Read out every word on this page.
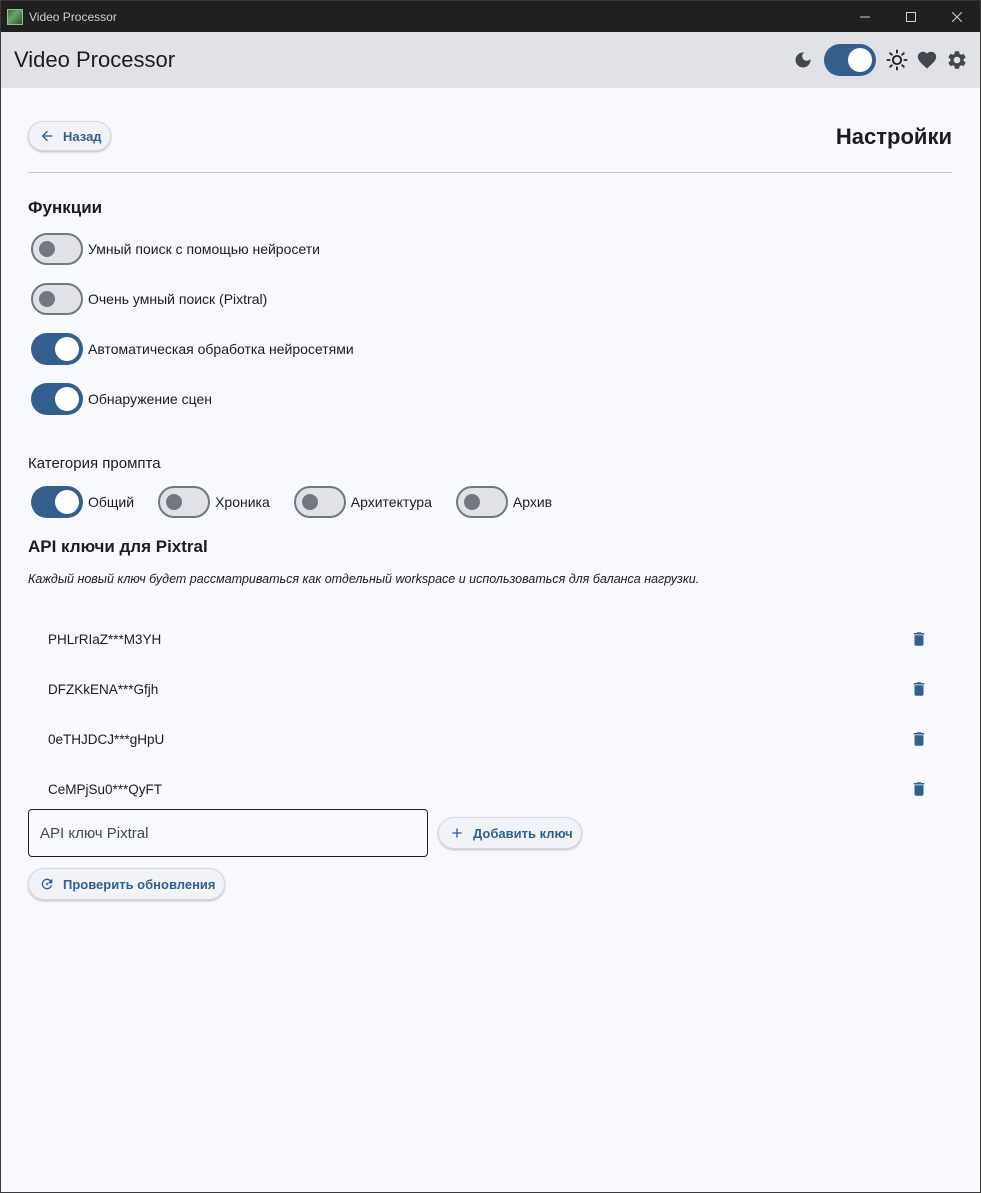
Video Processor
Video Processor
Назад	Настройки
Функции
Умный поиск с помощью нейросети
Очень умный поиск (Pixtral)
Автоматическая обработка нейросетями
Обнаружение сцен
Категория промпта
Общий	Хроника	Архитектура	Архив
API ключи для Pixtral
Каждый новый ключ будет рассматриваться как отдельный workspace и использоваться для баланса нагрузки.
PHLrRIaZ***M3YH
DFZKkENA***Gfjh
0eTHJDCJ***gHpU
CeMPjSu0***QyFT
API ключ Pixtral
Добавить ключ
Проверить обновления
